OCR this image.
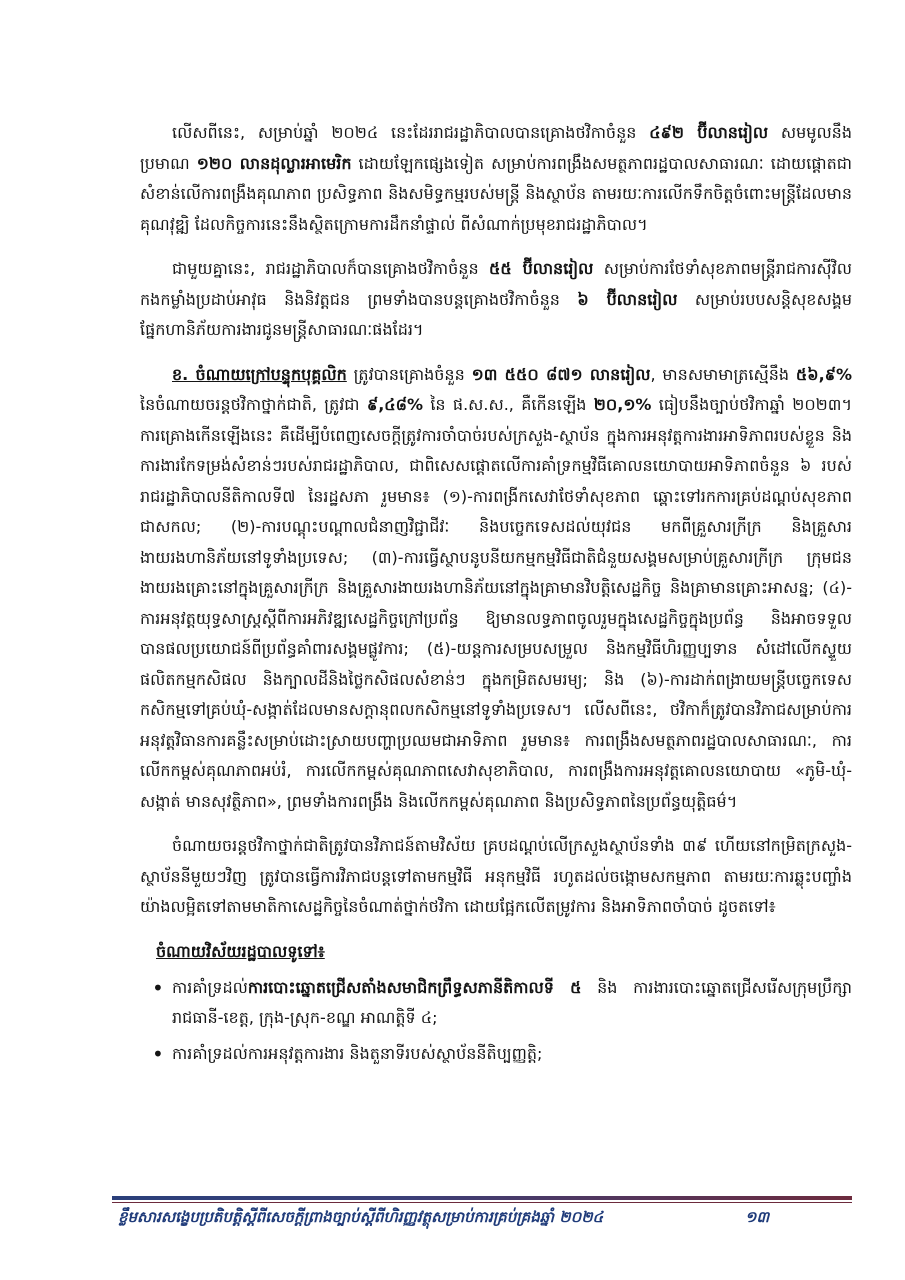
លើសពីនេះ, សម្រាប់ឆ្នាំ ២០២៤ នេះដែររាជរដ្ឋាភិបាលបានគ្រោងថវិកាចំនួន ៤៩២ ប៊ីលានរៀល សមមូលនឹងប្រមាណ ១២០ លានដុល្លារអាមេរិក ដោយឡែកផ្សេងទៀត សម្រាប់ការពង្រឹងសមត្ថភាពរដ្ឋបាលសាធារណៈ ដោយផ្តោតជាសំខាន់លើការពង្រឹងគុណភាព ប្រសិទ្ធភាព និងសមិទ្ធកម្មរបស់មន្ត្រី និងស្ថាប័ន តាមរយៈការលើកទឹកចិត្តចំពោះមន្ត្រីដែលមានគុណវុឌ្ឍិ ដែលកិច្ចការនេះនឹងស្ថិតក្រោមការដឹកនាំផ្ទាល់ ពីសំណាក់ប្រមុខរាជរដ្ឋាភិបាល។

ជាមួយគ្នានេះ, រាជរដ្ឋាភិបាលក៏បានគ្រោងថវិកាចំនួន ៥៥ ប៊ីលានរៀល សម្រាប់ការថែទាំសុខភាពមន្ត្រីរាជការស៊ីវិល កងកម្លាំងប្រដាប់អាវុធ និងនិវត្តជន ព្រមទាំងបានបន្តគ្រោងថវិកាចំនួន ៦ ប៊ីលានរៀល សម្រាប់របបសន្តិសុខសង្គមផ្នែកហានិភ័យការងារជូនមន្ត្រីសាធារណៈផងដែរ។

ខ. ចំណាយក្រៅបន្ទុកបុគ្គលិក ត្រូវបានគ្រោងចំនួន ១៣ ៥៥០ ៨៧១ លានរៀល, មានសមាមាត្រស្មើនឹង ៥៦,៩% នៃចំណាយចរន្តថវិកាថ្នាក់ជាតិ, ត្រូវជា ៩,៤៨% នៃ ផ.ស.ស., គឺកើនឡើង ២០,១% ធៀបនឹងច្បាប់ថវិកាឆ្នាំ ២០២៣។ ការគ្រោងកើនឡើងនេះ គឺដើម្បីបំពេញសេចក្តីត្រូវការចាំបាច់របស់ក្រសួង-ស្ថាប័ន ក្នុងការអនុវត្តការងារអាទិភាពរបស់ខ្លួន និងការងារកែទម្រង់សំខាន់ៗរបស់រាជរដ្ឋាភិបាល, ជាពិសេសផ្តោតលើការគាំទ្រកម្មវិធីគោលនយោបាយអាទិភាពចំនួន ៦ របស់រាជរដ្ឋាភិបាលនីតិកាលទី៧ នៃរដ្ឋសភា រួមមាន៖ (១)-ការពង្រីកសេវាថែទាំសុខភាព ឆ្ពោះទៅរកការគ្រប់ដណ្តប់សុខភាពជាសកល; (២)-ការបណ្តុះបណ្តាលជំនាញវិជ្ជាជីវៈ និងបច្ចេកទេសដល់យុវជន មកពីគ្រួសារក្រីក្រ និងគ្រួសារងាយរងហានិភ័យនៅទូទាំងប្រទេស; (៣)-ការធ្វើស្ថាបនូបនីយកម្មកម្មវិធីជាតិជំនួយសង្គមសម្រាប់គ្រួសារក្រីក្រ ក្រុមជនងាយរងគ្រោះនៅក្នុងគ្រួសារក្រីក្រ និងគ្រួសារងាយរងហានិភ័យនៅក្នុងគ្រាមានវិបត្តិសេដ្ឋកិច្ច និងគ្រាមានគ្រោះអាសន្ន; (៤)-ការអនុវត្តយុទ្ធសាស្ត្រស្តីពីការអភិវឌ្ឍសេដ្ឋកិច្ចក្រៅប្រព័ន្ធ ឱ្យមានលទ្ធភាពចូលរួមក្នុងសេដ្ឋកិច្ចក្នុងប្រព័ន្ធ និងអាចទទួលបានផលប្រយោជន៍ពីប្រព័ន្ធគាំពារសង្គមផ្លូវការ; (៥)-យន្តការសម្របសម្រួល និងកម្មវិធីហិរញ្ញប្បទាន សំដៅលើកស្ទួយផលិតកម្មកសិផល និងក្បាលដីនិងថ្លៃកសិផលសំខាន់ៗ ក្នុងកម្រិតសមរម្យ; និង (៦)-ការដាក់ពង្រាយមន្ត្រីបច្ចេកទេសកសិកម្មទៅគ្រប់ឃុំ-សង្កាត់ដែលមានសក្តានុពលកសិកម្មនៅទូទាំងប្រទេស។ លើសពីនេះ, ថវិកាក៏ត្រូវបានវិភាជសម្រាប់ការអនុវត្តវិធានការគន្លឹះសម្រាប់ដោះស្រាយបញ្ហាប្រឈមជាអាទិភាព រួមមាន៖ ការពង្រឹងសមត្ថភាពរដ្ឋបាលសាធារណៈ, ការលើកកម្ពស់គុណភាពអប់រំ, ការលើកកម្ពស់គុណភាពសេវាសុខាភិបាល, ការពង្រឹងការអនុវត្តគោលនយោបាយ «ភូមិ-ឃុំ-សង្កាត់ មានសុវត្ថិភាព», ព្រមទាំងការពង្រឹង និងលើកកម្ពស់គុណភាព និងប្រសិទ្ធភាពនៃប្រព័ន្ធយុត្តិធម៌។

ចំណាយចរន្តថវិកាថ្នាក់ជាតិត្រូវបានវិភាជន៍តាមវិស័យ គ្របដណ្តប់លើក្រសួងស្ថាប័នទាំង ៣៩ ហើយនៅកម្រិតក្រសួង-ស្ថាប័ននីមួយៗវិញ ត្រូវបានធ្វើការវិភាជបន្តទៅតាមកម្មវិធី អនុកម្មវិធី រហូតដល់ចង្កោមសកម្មភាព តាមរយៈការឆ្លុះបញ្ចាំងយ៉ាងលម្អិតទៅតាមមាតិកាសេដ្ឋកិច្ចនៃចំណាត់ថ្នាក់ថវិកា ដោយផ្អែកលើតម្រូវការ និងអាទិភាពចាំបាច់ ដូចតទៅ៖

ចំណាយវិស័យរដ្ឋបាលទូទៅ៖
• ការគាំទ្រដល់ការបោះឆ្នោតជ្រើសតាំងសមាជិកព្រឹទ្ធសភានីតិកាលទី ៥ និង ការងារបោះឆ្នោតជ្រើសរើសក្រុមប្រឹក្សារាជធានី-ខេត្ត, ក្រុង-ស្រុក-ខណ្ឌ អាណត្តិទី ៤;
• ការគាំទ្រដល់ការអនុវត្តការងារ និងតួនាទីរបស់ស្ថាប័ននីតិប្បញ្ញត្តិ;
ខ្លឹមសារសង្ខេបប្រតិបត្តិស្តីពីសេចក្តីព្រាងច្បាប់ស្តីពីហិរញ្ញវត្ថុសម្រាប់ការគ្រប់គ្រងឆ្នាំ ២០២៤	១៣
